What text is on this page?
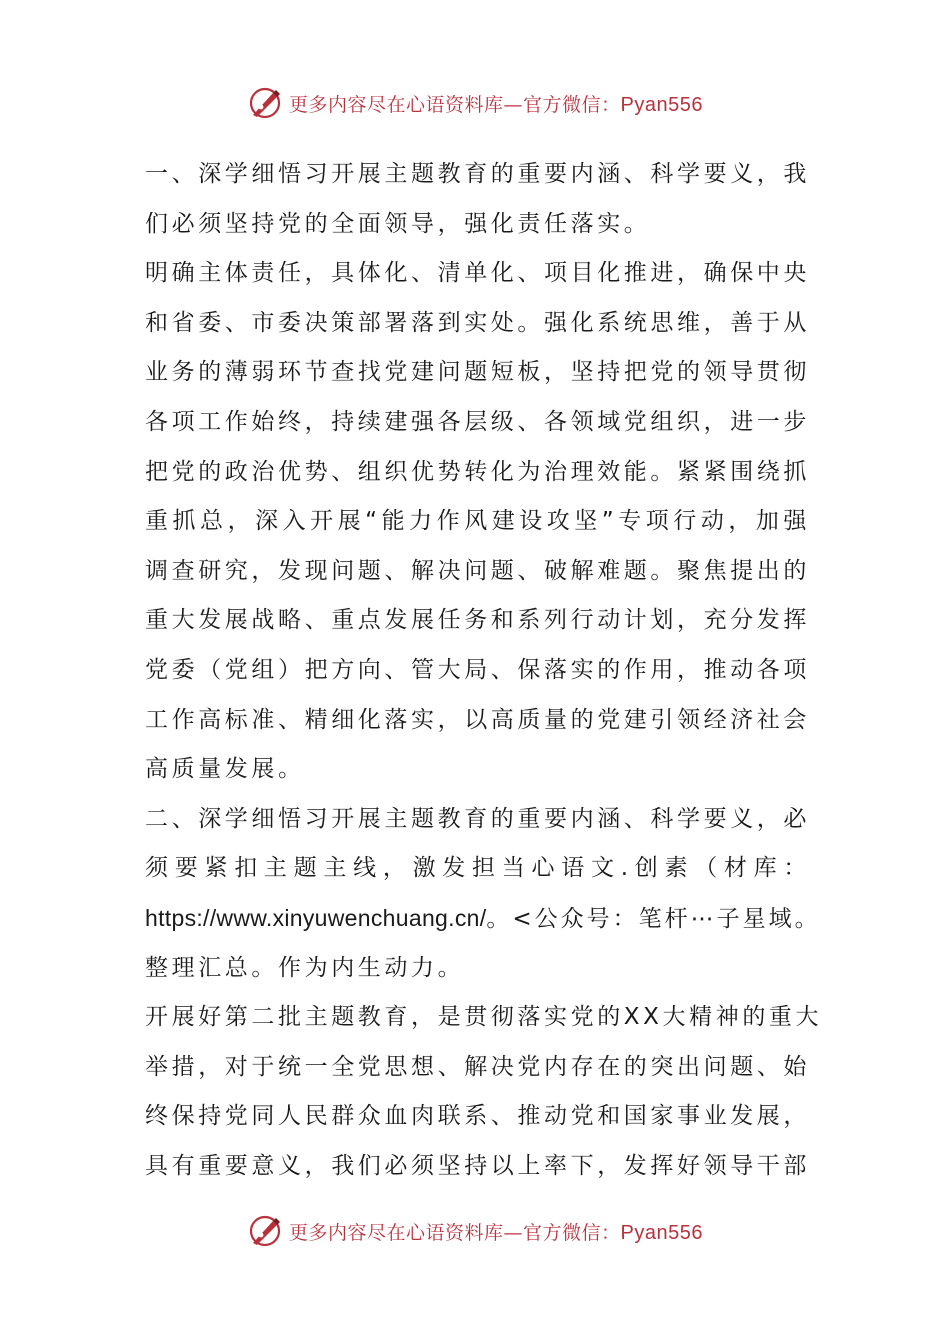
更多内容尽在心语资料库—官方微信：Pyan556
一、深学细悟习开展主题教育的重要内涵、科学要义，我
们必须坚持党的全面领导，强化责任落实。
明确主体责任，具体化、清单化、项目化推进，确保中央
和省委、市委决策部署落到实处。强化系统思维，善于从
业务的薄弱环节查找党建问题短板，坚持把党的领导贯彻
各项工作始终，持续建强各层级、各领域党组织，进一步
把党的政治优势、组织优势转化为治理效能。紧紧围绕抓
重抓总，深入开展“能力作风建设攻坚”专项行动，加强
调查研究，发现问题、解决问题、破解难题。聚焦提出的
重大发展战略、重点发展任务和系列行动计划，充分发挥
党委（党组）把方向、管大局、保落实的作用，推动各项
工作高标准、精细化落实，以高质量的党建引领经济社会
高质量发展。
二、深学细悟习开展主题教育的重要内涵、科学要义，必
须要紧扣主题主线，激发担当心语文.创素（材库：
https://www.xinyuwenchuang.cn/。<公众号：笔杆⋯子星域。
整理汇总。作为内生动力。
开展好第二批主题教育，是贯彻落实党的XX大精神的重大
举措，对于统一全党思想、解决党内存在的突出问题、始
终保持党同人民群众血肉联系、推动党和国家事业发展，
具有重要意义，我们必须坚持以上率下，发挥好领导干部
更多内容尽在心语资料库—官方微信：Pyan556
